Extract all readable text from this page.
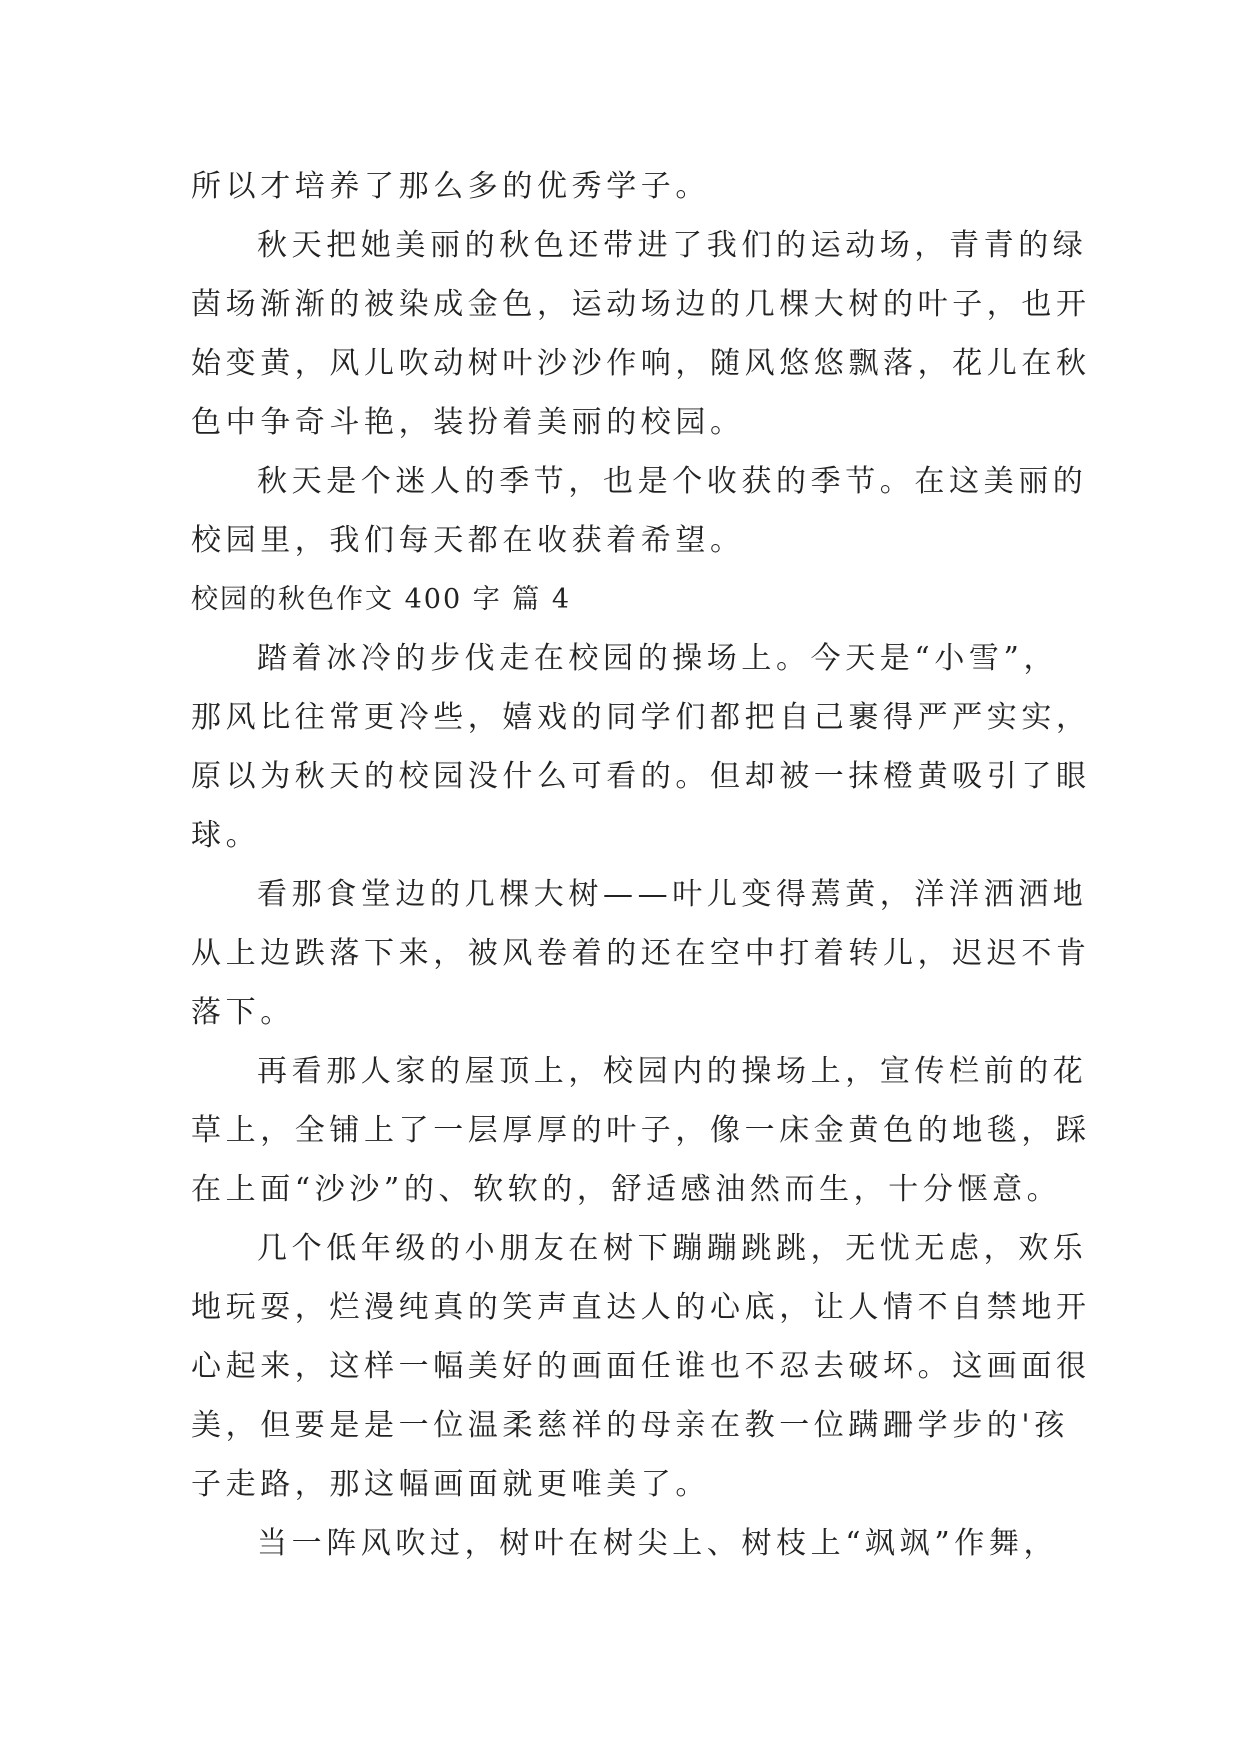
所以才培养了那么多的优秀学子。
秋天把她美丽的秋色还带进了我们的运动场，青青的绿
茵场渐渐的被染成金色，运动场边的几棵大树的叶子，也开
始变黄，风儿吹动树叶沙沙作响，随风悠悠飘落，花儿在秋
色中争奇斗艳，装扮着美丽的校园。
秋天是个迷人的季节，也是个收获的季节。在这美丽的
校园里，我们每天都在收获着希望。
校园的秋色作文 400 字 篇 4
踏着冰冷的步伐走在校园的操场上。今天是“小雪”，
那风比往常更冷些，嬉戏的同学们都把自己裹得严严实实，
原以为秋天的校园没什么可看的。但却被一抹橙黄吸引了眼
球。
看那食堂边的几棵大树——叶儿变得蔫黄，洋洋洒洒地
从上边跌落下来，被风卷着的还在空中打着转儿，迟迟不肯
落下。
再看那人家的屋顶上，校园内的操场上，宣传栏前的花
草上，全铺上了一层厚厚的叶子，像一床金黄色的地毯，踩
在上面“沙沙”的、软软的，舒适感油然而生，十分惬意。
几个低年级的小朋友在树下蹦蹦跳跳，无忧无虑，欢乐
地玩耍，烂漫纯真的笑声直达人的心底，让人情不自禁地开
心起来，这样一幅美好的画面任谁也不忍去破坏。这画面很
美，但要是是一位温柔慈祥的母亲在教一位蹒跚学步的'孩
子走路，那这幅画面就更唯美了。
当一阵风吹过，树叶在树尖上、树枝上“飒飒”作舞，
